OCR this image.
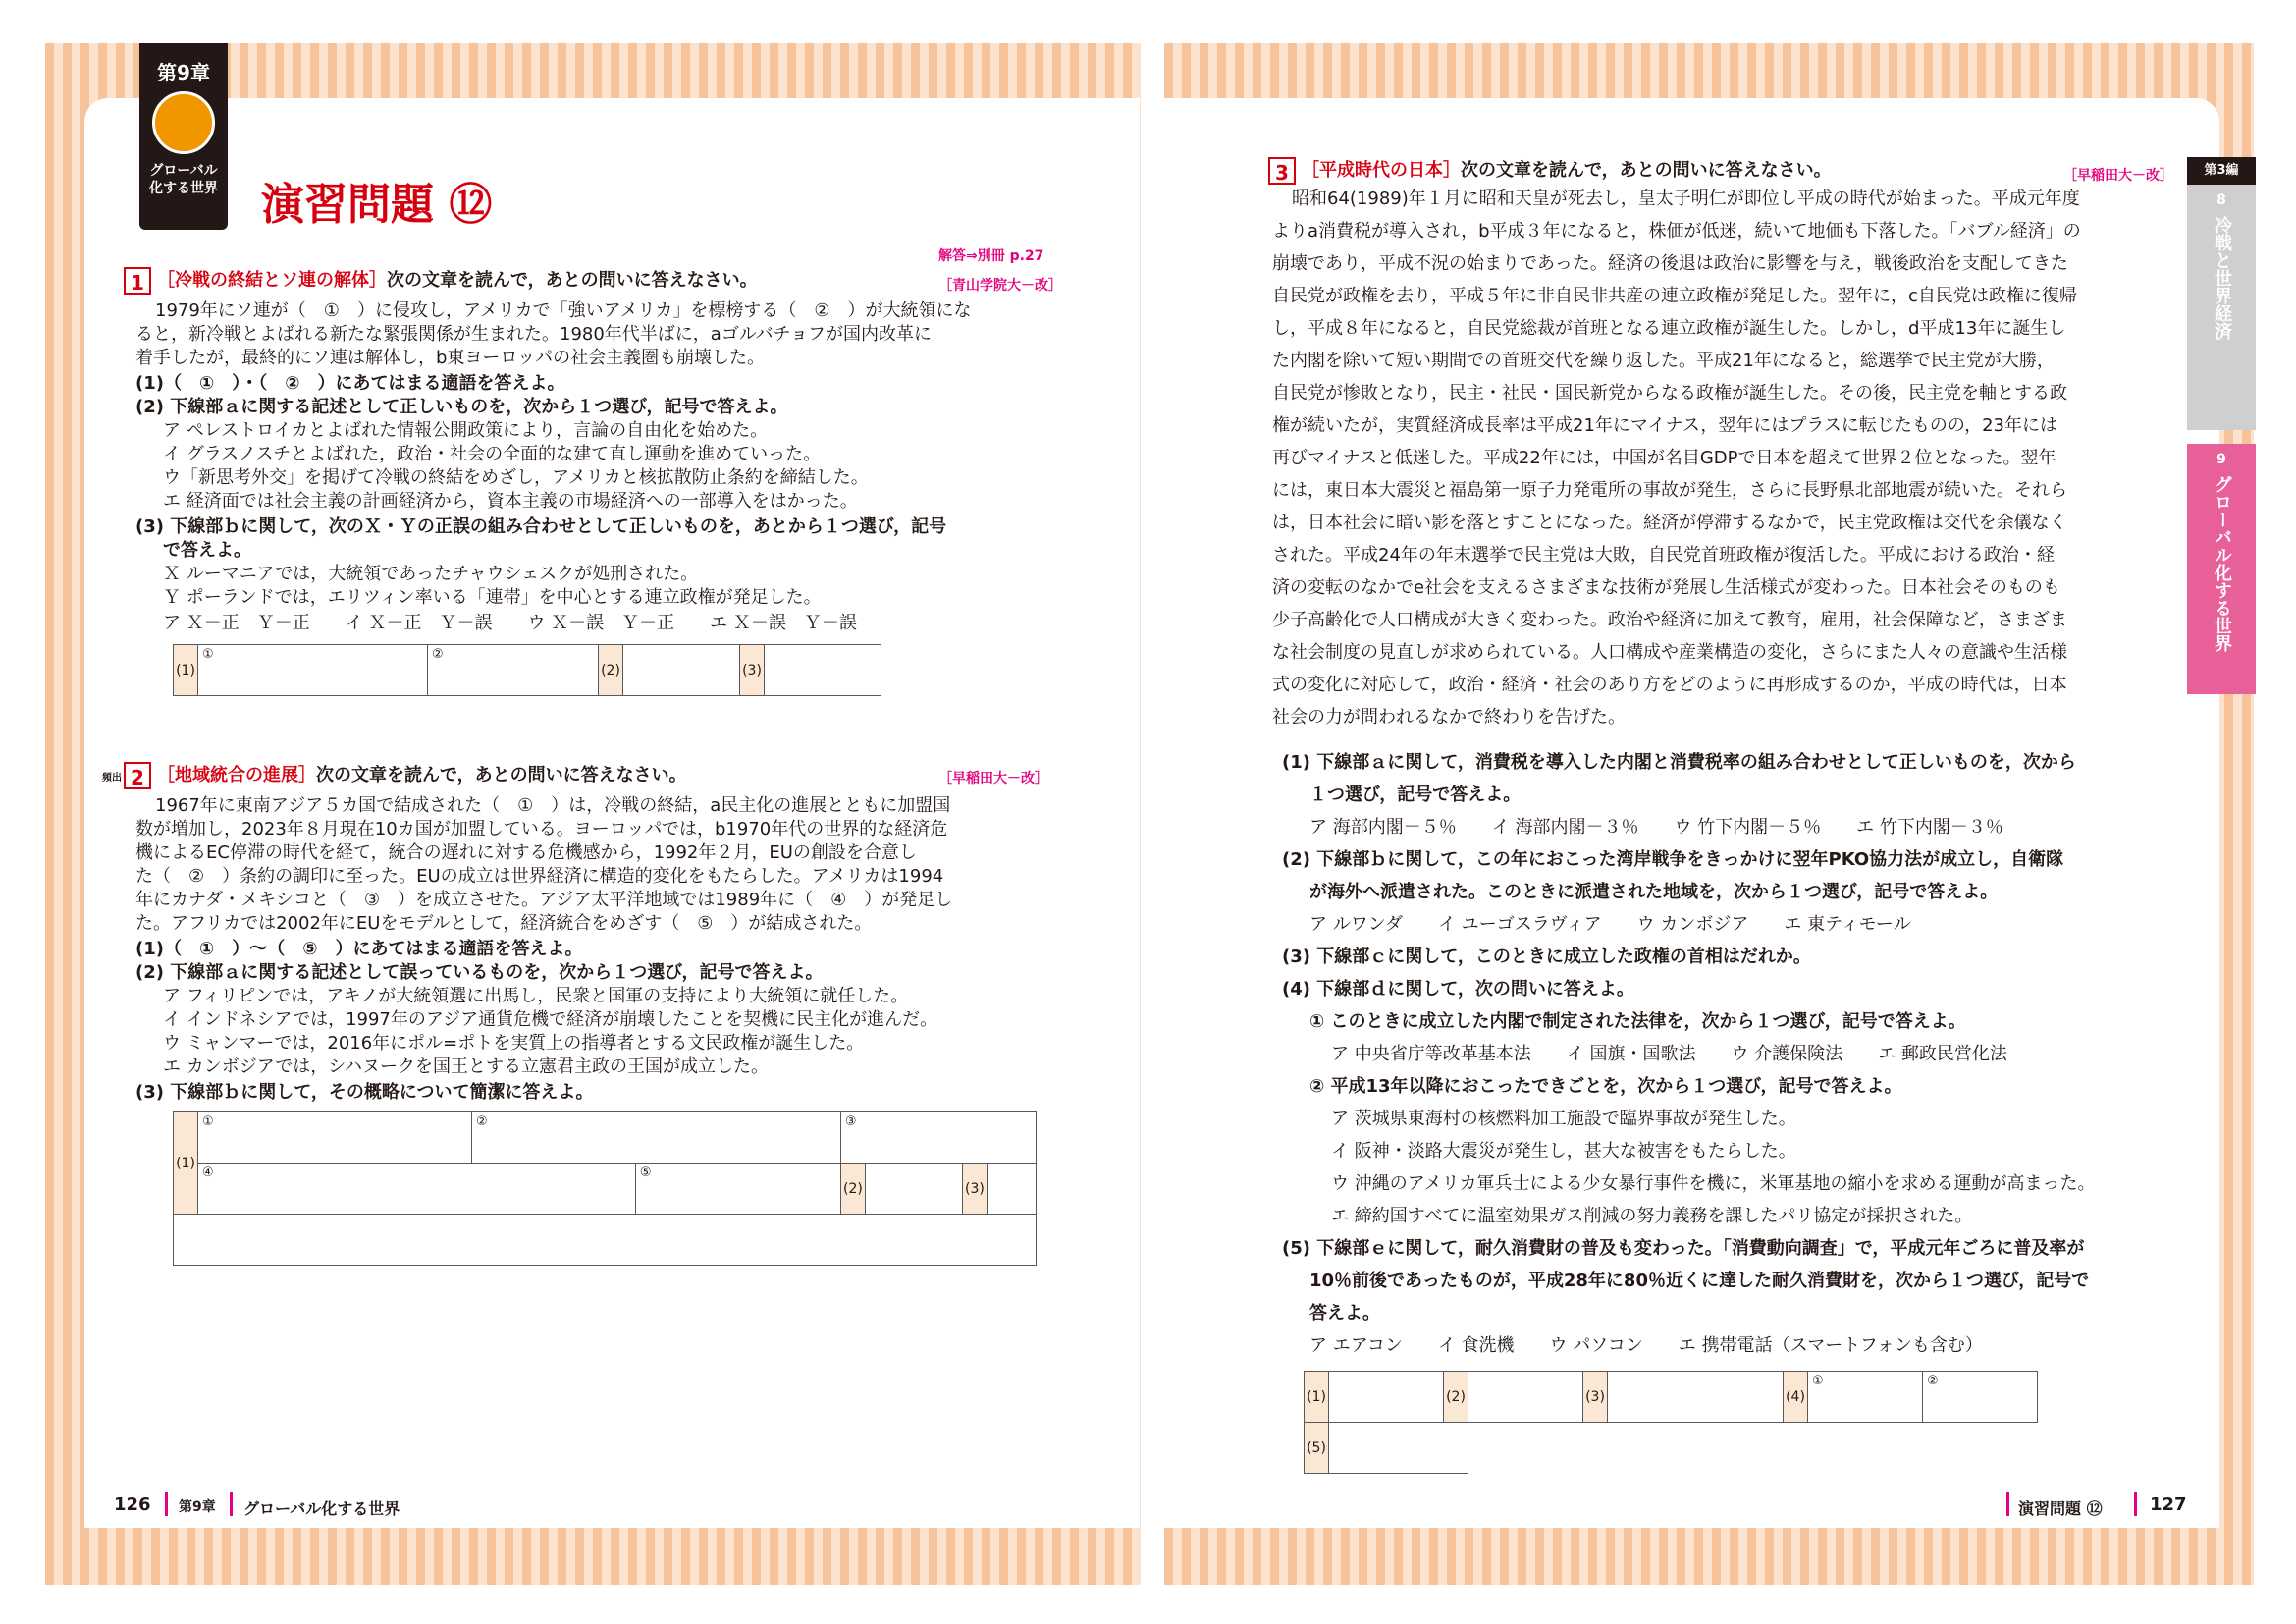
第9章
グローバル化する世界 演習問題 ⑫
解答⇒別冊 p.27
1 ［冷戦の終結とソ連の解体］次の文章を読んで，あとの問いに答えなさい。	［青山学院大－改］
1979年にソ連が（　①　）に侵攻し，アメリカで「強いアメリカ」を標榜する（　②　）が大統領にな
ると，新冷戦とよばれる新たな緊張関係が生まれた。1980年代半ばに，aゴルバチョフが国内改革に
着手したが，最終的にソ連は解体し，b東ヨーロッパの社会主義圏も崩壊した。
(1)（　①　）・（　②　）にあてはまる適語を答えよ。
(2) 下線部ａに関する記述として正しいものを，次から１つ選び，記号で答えよ。
ア ペレストロイカとよばれた情報公開政策により，言論の自由化を始めた。
イ グラスノスチとよばれた，政治・社会の全面的な建て直し運動を進めていった。
ウ「新思考外交」を掲げて冷戦の終結をめざし，アメリカと核拡散防止条約を締結した。
エ 経済面では社会主義の計画経済から，資本主義の市場経済への一部導入をはかった。
(3) 下線部ｂに関して，次のＸ・Ｙの正誤の組み合わせとして正しいものを，あとから１つ選び，記号
で答えよ。
Ｘ ルーマニアでは，大統領であったチャウシェスクが処刑された。
Ｙ ポーランドでは，エリツィン率いる「連帯」を中心とする連立政権が発足した。
ア Ｘ－正　Ｙ－正　　イ Ｘ－正　Ｙ－誤　　ウ Ｘ－誤　Ｙ－正　　エ Ｘ－誤　Ｙ－誤
(1)	①	②	(2)		(3)	
頻出 2 ［地域統合の進展］次の文章を読んで，あとの問いに答えなさい。	［早稲田大－改］
1967年に東南アジア５カ国で結成された（　①　）は，冷戦の終結，a民主化の進展とともに加盟国
数が増加し，2023年８月現在10カ国が加盟している。ヨーロッパでは，b1970年代の世界的な経済危
機によるEC停滞の時代を経て，統合の遅れに対する危機感から，1992年２月，EUの創設を合意し
た（　②　）条約の調印に至った。EUの成立は世界経済に構造的変化をもたらした。アメリカは1994
年にカナダ・メキシコと（　③　）を成立させた。アジア太平洋地域では1989年に（　④　）が発足し
た。アフリカでは2002年にEUをモデルとして，経済統合をめざす（　⑤　）が結成された。
(1)（　①　）～（　⑤　）にあてはまる適語を答えよ。
(2) 下線部ａに関する記述として誤っているものを，次から１つ選び，記号で答えよ。
ア フィリピンでは，アキノが大統領選に出馬し，民衆と国軍の支持により大統領に就任した。
イ インドネシアでは，1997年のアジア通貨危機で経済が崩壊したことを契機に民主化が進んだ。
ウ ミャンマーでは，2016年にポル=ポトを実質上の指導者とする文民政権が誕生した。
エ カンボジアでは，シハヌークを国王とする立憲君主政の王国が成立した。
(3) 下線部ｂに関して，その概略について簡潔に答えよ。
(1)	①	②		③			
	④		⑤	(2)		(3)	

126 第9章 グローバル化する世界
3 ［平成時代の日本］次の文章を読んで，あとの問いに答えなさい。	［早稲田大－改］
昭和64(1989)年１月に昭和天皇が死去し，皇太子明仁が即位し平成の時代が始まった。平成元年度
よりa消費税が導入され，b平成３年になると，株価が低迷，続いて地価も下落した。「バブル経済」の
崩壊であり，平成不況の始まりであった。経済の後退は政治に影響を与え，戦後政治を支配してきた
自民党が政権を去り，平成５年に非自民非共産の連立政権が発足した。翌年に，c自民党は政権に復帰
し，平成８年になると，自民党総裁が首班となる連立政権が誕生した。しかし，d平成13年に誕生し
た内閣を除いて短い期間での首班交代を繰り返した。平成21年になると，総選挙で民主党が大勝，
自民党が惨敗となり，民主・社民・国民新党からなる政権が誕生した。その後，民主党を軸とする政
権が続いたが，実質経済成長率は平成21年にマイナス，翌年にはプラスに転じたものの，23年には
再びマイナスと低迷した。平成22年には，中国が名目GDPで日本を超えて世界２位となった。翌年
には，東日本大震災と福島第一原子力発電所の事故が発生，さらに長野県北部地震が続いた。それら
は，日本社会に暗い影を落とすことになった。経済が停滞するなかで，民主党政権は交代を余儀なく
された。平成24年の年末選挙で民主党は大敗，自民党首班政権が復活した。平成における政治・経
済の変転のなかでe社会を支えるさまざまな技術が発展し生活様式が変わった。日本社会そのものも
少子高齢化で人口構成が大きく変わった。政治や経済に加えて教育，雇用，社会保障など，さまざま
な社会制度の見直しが求められている。人口構成や産業構造の変化，さらにまた人々の意識や生活様
式の変化に対応して，政治・経済・社会のあり方をどのように再形成するのか，平成の時代は，日本
社会の力が問われるなかで終わりを告げた。
(1) 下線部ａに関して，消費税を導入した内閣と消費税率の組み合わせとして正しいものを，次から
１つ選び，記号で答えよ。
ア 海部内閣－５％　　イ 海部内閣－３％　　ウ 竹下内閣－５％　　エ 竹下内閣－３％
(2) 下線部ｂに関して，この年におこった湾岸戦争をきっかけに翌年PKO協力法が成立し，自衛隊
が海外へ派遣された。このときに派遣された地域を，次から１つ選び，記号で答えよ。
ア ルワンダ　　イ ユーゴスラヴィア　　ウ カンボジア　　エ 東ティモール
(3) 下線部ｃに関して，このときに成立した政権の首相はだれか。
(4) 下線部ｄに関して，次の問いに答えよ。
① このときに成立した内閣で制定された法律を，次から１つ選び，記号で答えよ。
ア 中央省庁等改革基本法　　イ 国旗・国歌法　　ウ 介護保険法　　エ 郵政民営化法
② 平成13年以降におこったできごとを，次から１つ選び，記号で答えよ。
ア 茨城県東海村の核燃料加工施設で臨界事故が発生した。
イ 阪神・淡路大震災が発生し，甚大な被害をもたらした。
ウ 沖縄のアメリカ軍兵士による少女暴行事件を機に，米軍基地の縮小を求める運動が高まった。
エ 締約国すべてに温室効果ガス削減の努力義務を課したパリ協定が採択された。
(5) 下線部ｅに関して，耐久消費財の普及も変わった。「消費動向調査」で，平成元年ごろに普及率が
10％前後であったものが，平成28年に80％近くに達した耐久消費財を，次から１つ選び，記号で
答えよ。
ア エアコン　　イ 食洗機　　ウ パソコン　　エ 携帯電話（スマートフォンも含む）
(1)		(2)		(3)		(4)	①	②
(5)								
演習問題 ⑫	127
第3編
8
冷戦と世界経済
9
グローバル化する世界
